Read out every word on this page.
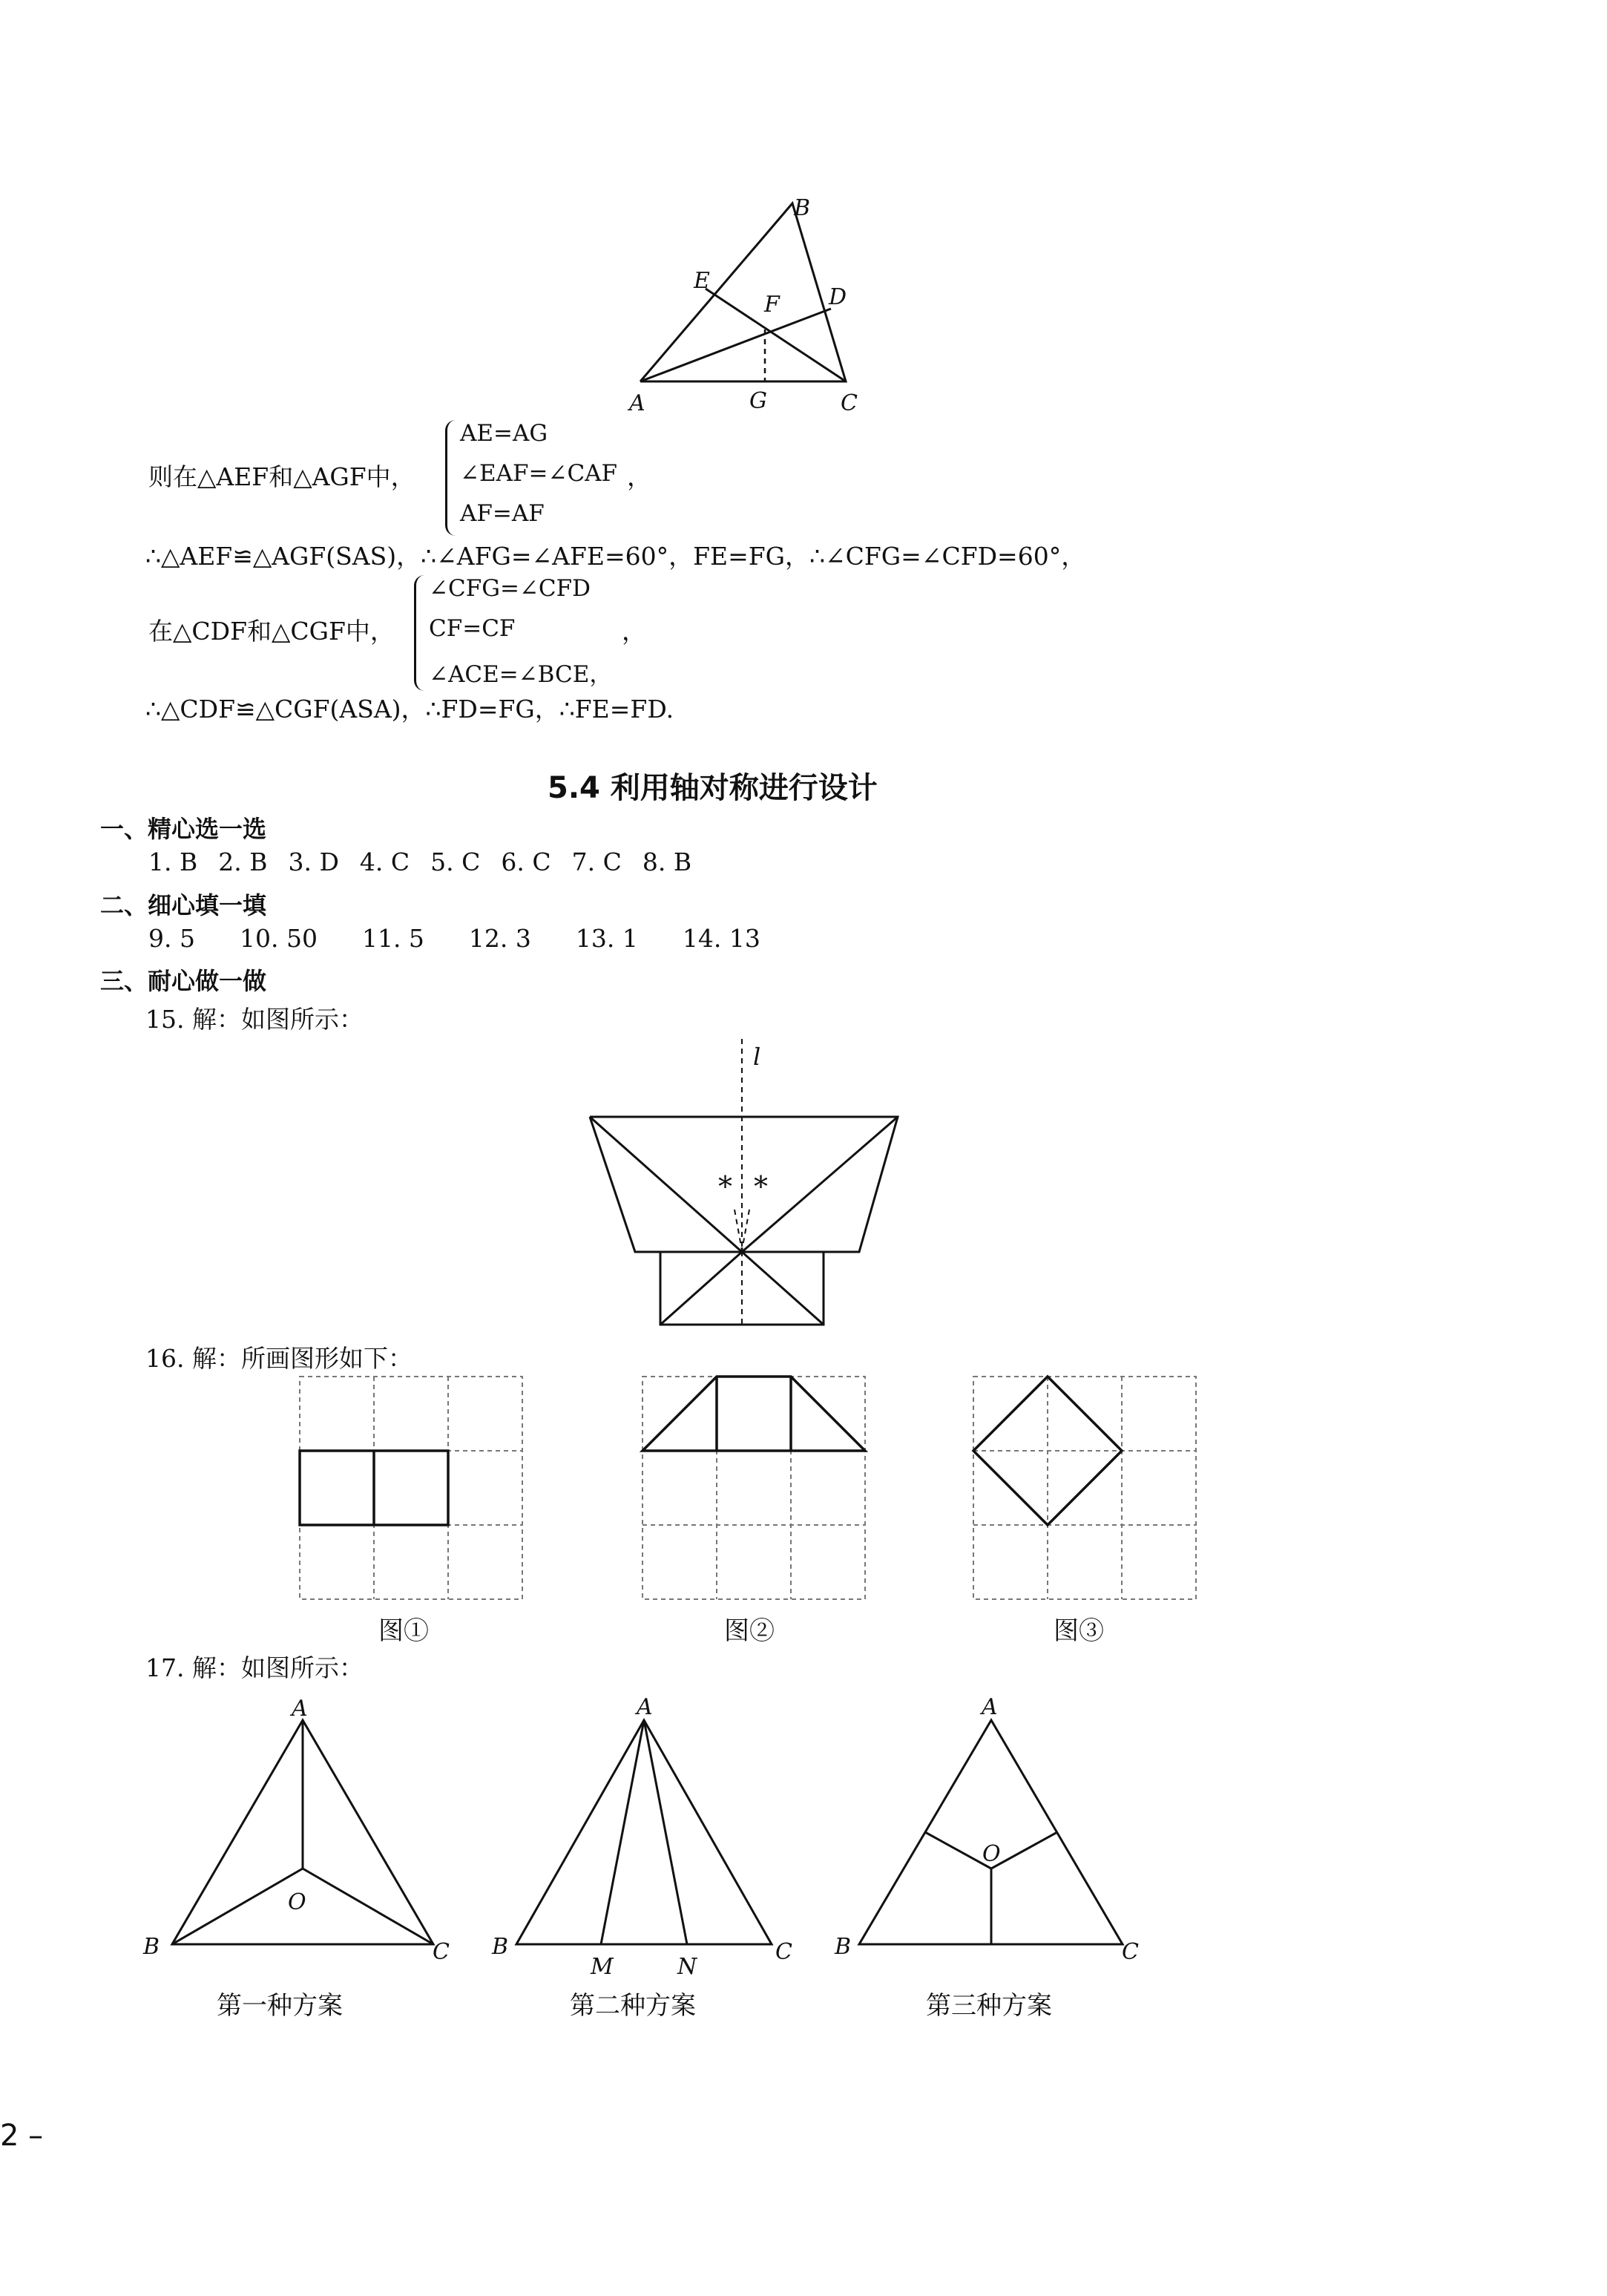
B
E
F D
A	G	C
则在△AEF和△AGF中，
AE=AG
∠EAF=∠CAF
AF=AF
，
∴△AEF≌△AGF(SAS)，∴∠AFG=∠AFE=60°，FE=FG，∴∠CFG=∠CFD=60°，
在△CDF和△CGF中，
∠CFG=∠CFD
CF=CF
∠ACE=∠BCE，
，
∴△CDF≌△CGF(ASA)，∴FD=FG，∴FE=FD.
5.4 利用轴对称进行设计
一、精心选一选
1. B 2. B 3. D 4. C 5. C 6. C 7. C 8. B
二、细心填一填
9. 5 10. 50 11. 5 12. 3 13. 1 14. 13
三、耐心做一做
15. 解：如图所示：
l
* *
16. 解：所画图形如下：
图①	图②	图③
17. 解：如图所示：
A
B	C
O
A
B	C
M	N
A
B	C
O
第一种方案	第二种方案	第三种方案
2 –
